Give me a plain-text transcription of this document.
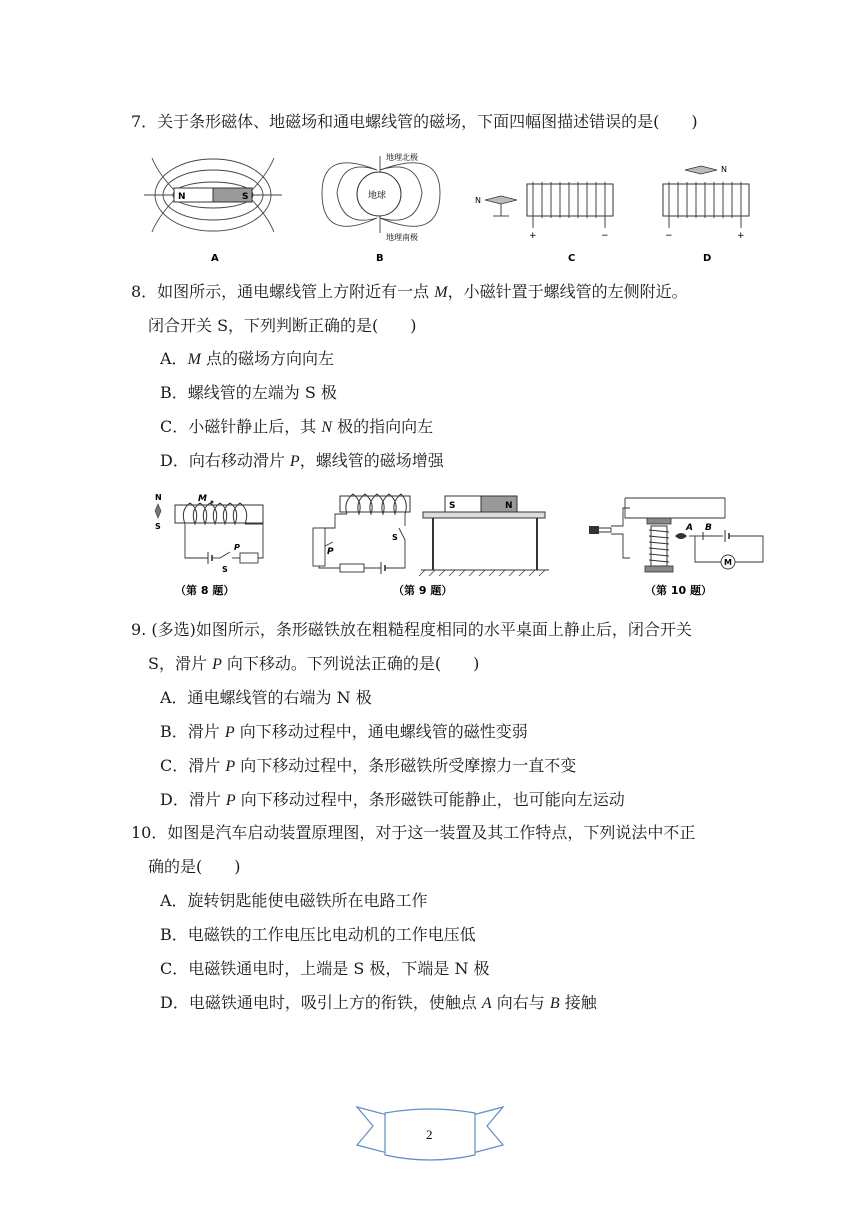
7．关于条形磁体、地磁场和通电螺线管的磁场，下面四幅图描述错误的是(　　)
N	S
A
地球
地理北极
地理南极
B
N
+	−
C
N
−	+
D
8．如图所示，通电螺线管上方附近有一点 M，小磁针置于螺线管的左侧附近。
闭合开关 S，下列判断正确的是(　　)
A．M 点的磁场方向向左
B．螺线管的左端为 S 极
C．小磁针静止后，其 N 极的指向向左
D．向右移动滑片 P，螺线管的磁场增强
N
S
M
S
P
（第 8 题）
P
S
S	N
（第 9 题）
A B
M
（第 10 题）
9. (多选)如图所示，条形磁铁放在粗糙程度相同的水平桌面上静止后，闭合开关
S，滑片 P 向下移动。下列说法正确的是(　　)
A．通电螺线管的右端为 N 极
B．滑片 P 向下移动过程中，通电螺线管的磁性变弱
C．滑片 P 向下移动过程中，条形磁铁所受摩擦力一直不变
D．滑片 P 向下移动过程中，条形磁铁可能静止，也可能向左运动
10．如图是汽车启动装置原理图，对于这一装置及其工作特点，下列说法中不正
确的是(　　)
A．旋转钥匙能使电磁铁所在电路工作
B．电磁铁的工作电压比电动机的工作电压低
C．电磁铁通电时，上端是 S 极，下端是 N 极
D．电磁铁通电时，吸引上方的衔铁，使触点 A 向右与 B 接触
2
